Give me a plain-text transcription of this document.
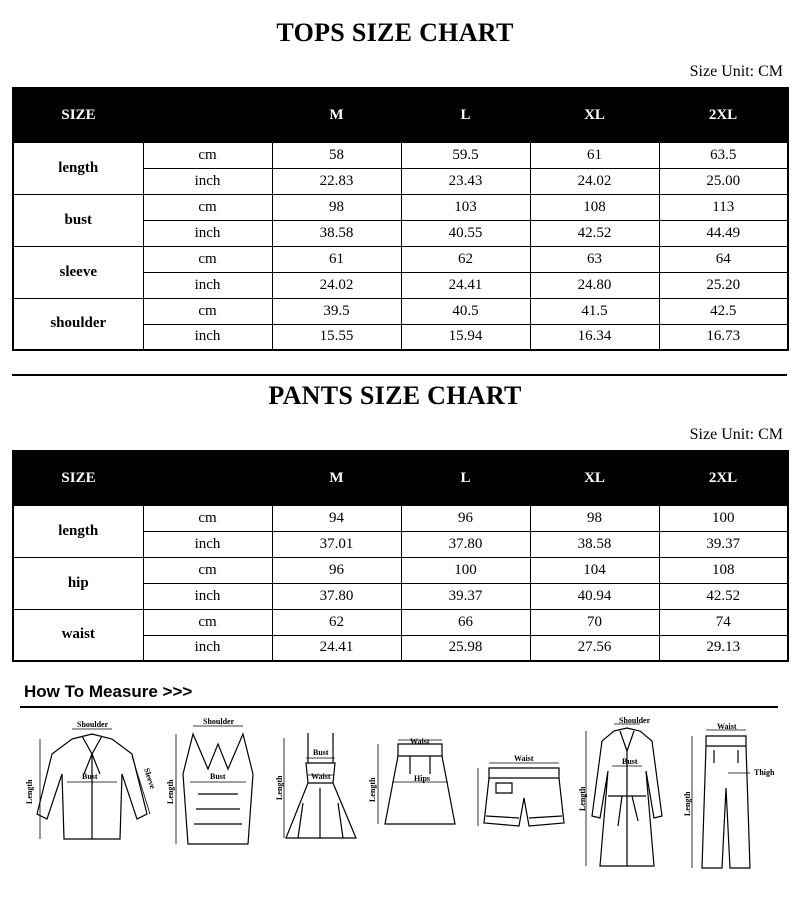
TOPS SIZE CHART
Size Unit: CM
SIZE		M	L	XL	2XL
length	cm	58	59.5	61	63.5
	inch	22.83	23.43	24.02	25.00
bust	cm	98	103	108	113
	inch	38.58	40.55	42.52	44.49
sleeve	cm	61	62	63	64
	inch	24.02	24.41	24.80	25.20
shoulder	cm	39.5	40.5	41.5	42.5
	inch	15.55	15.94	16.34	16.73
PANTS SIZE CHART
Size Unit: CM
SIZE		M	L	XL	2XL
length	cm	94	96	98	100
	inch	37.01	37.80	38.58	39.37
hip	cm	96	100	104	108
	inch	37.80	39.37	40.94	42.52
waist	cm	62	66	70	74
	inch	24.41	25.98	27.56	29.13
How To Measure >>>
Shoulder
Bust
Length
Sleeve
Shoulder
Bust
Length
Bust
Waist
Length
Waist
Hips
Length
Waist
Shoulder
Bust
Length
Waist
Thigh
Length
